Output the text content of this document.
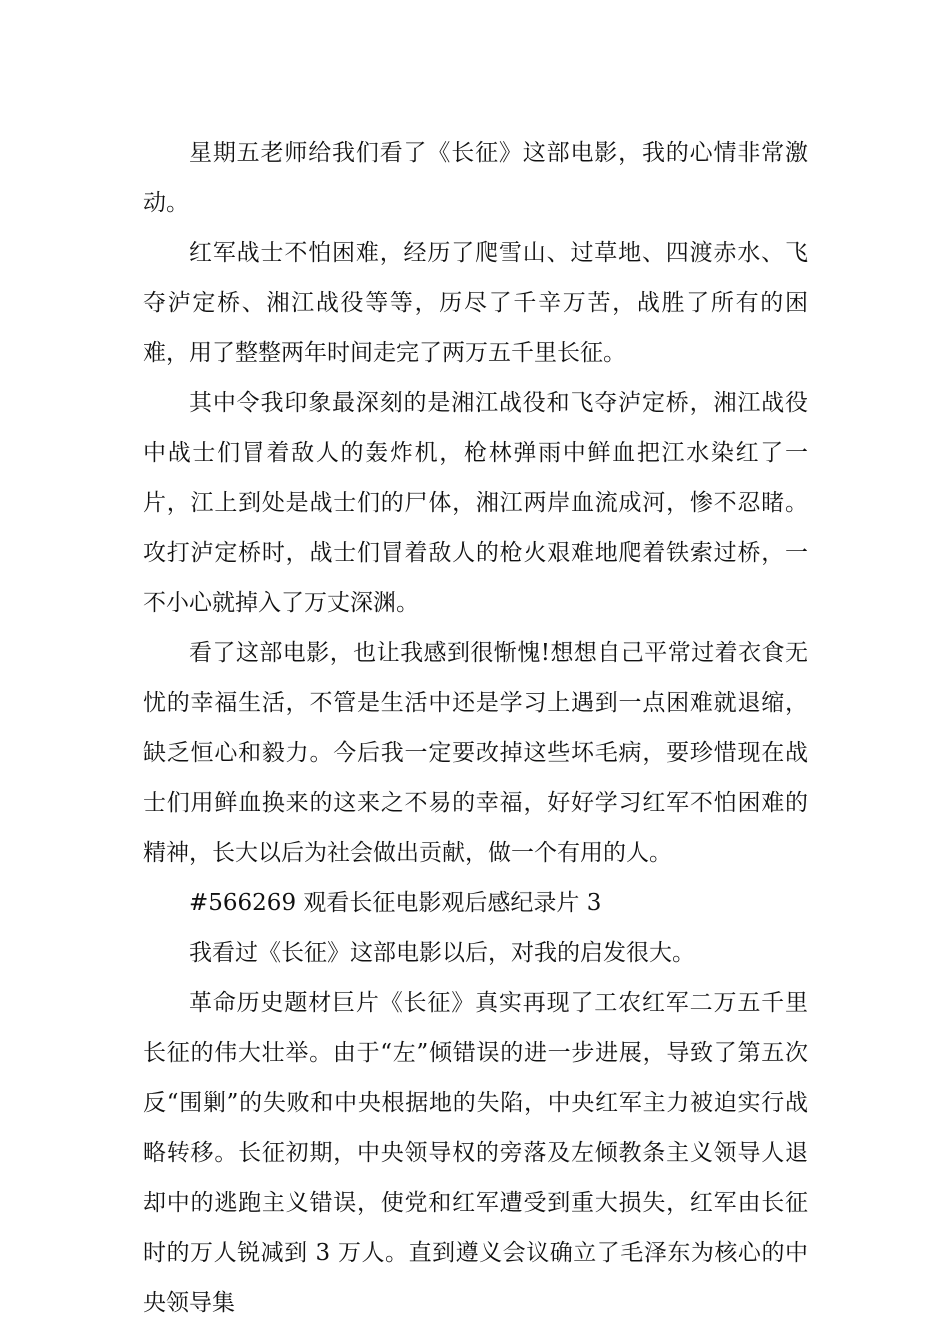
星期五老师给我们看了《长征》这部电影，我的心情非常激动。

红军战士不怕困难，经历了爬雪山、过草地、四渡赤水、飞夺泸定桥、湘江战役等等，历尽了千辛万苦，战胜了所有的困难，用了整整两年时间走完了两万五千里长征。

其中令我印象最深刻的是湘江战役和飞夺泸定桥，湘江战役中战士们冒着敌人的轰炸机，枪林弹雨中鲜血把江水染红了一片，江上到处是战士们的尸体，湘江两岸血流成河，惨不忍睹。攻打泸定桥时，战士们冒着敌人的枪火艰难地爬着铁索过桥，一不小心就掉入了万丈深渊。

看了这部电影，也让我感到很惭愧!想想自己平常过着衣食无忧的幸福生活，不管是生活中还是学习上遇到一点困难就退缩，缺乏恒心和毅力。今后我一定要改掉这些坏毛病，要珍惜现在战士们用鲜血换来的这来之不易的幸福，好好学习红军不怕困难的精神，长大以后为社会做出贡献，做一个有用的人。

#566269 观看长征电影观后感纪录片 3

我看过《长征》这部电影以后，对我的启发很大。

革命历史题材巨片《长征》真实再现了工农红军二万五千里长征的伟大壮举。由于“左”倾错误的进一步进展，导致了第五次反“围剿”的失败和中央根据地的失陷，中央红军主力被迫实行战略转移。长征初期，中央领导权的旁落及左倾教条主义领导人退却中的逃跑主义错误，使党和红军遭受到重大损失，红军由长征时的万人锐减到 3 万人。直到遵义会议确立了毛泽东为核心的中央领导集
